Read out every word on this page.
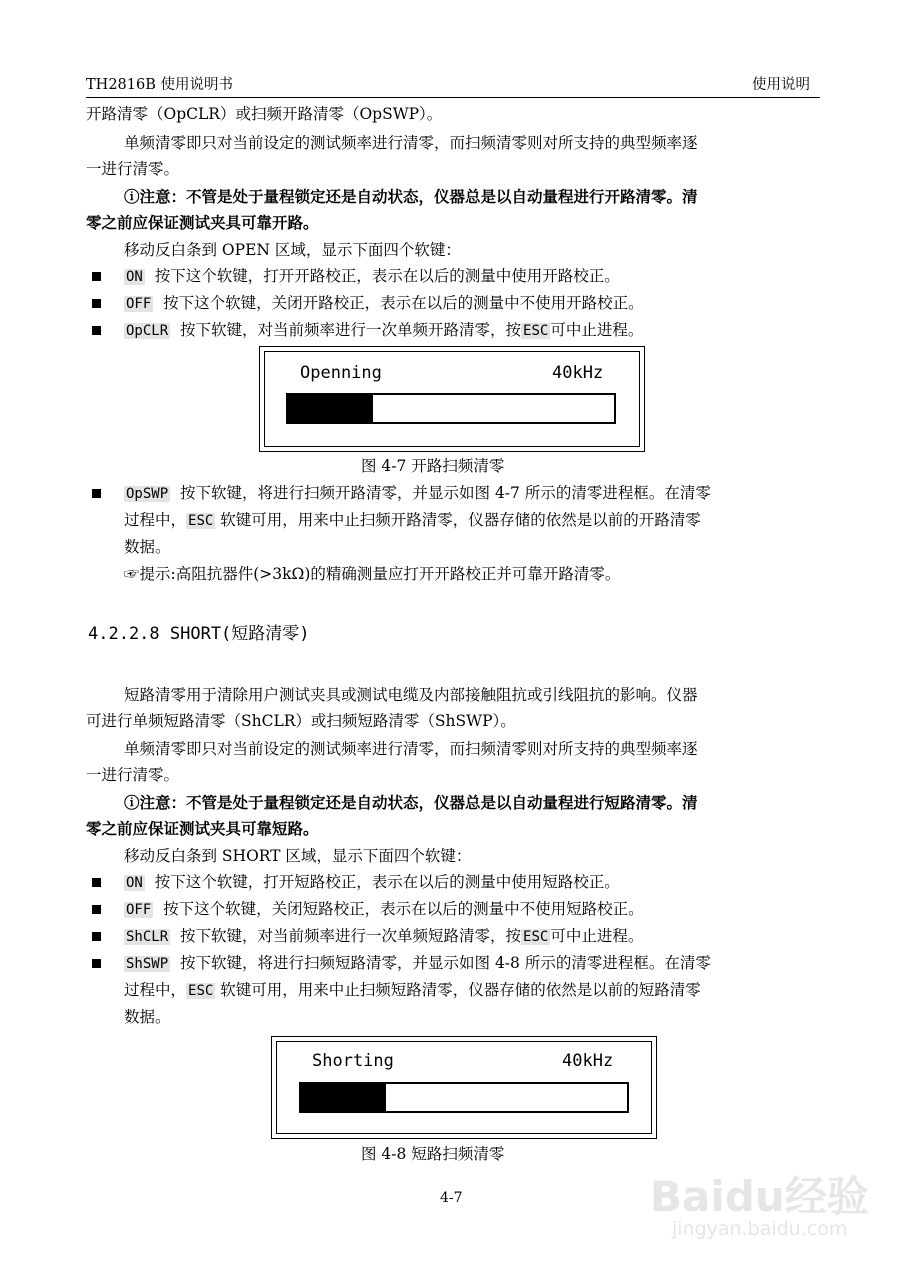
TH2816B 使用说明书	使用说明
开路清零（OpCLR）或扫频开路清零（OpSWP）。
单频清零即只对当前设定的测试频率进行清零，而扫频清零则对所支持的典型频率逐
一进行清零。
ⓘ注意：不管是处于量程锁定还是自动状态，仪器总是以自动量程进行开路清零。清
零之前应保证测试夹具可靠开路。
移动反白条到 OPEN 区域，显示下面四个软键：
ON 按下这个软键，打开开路校正，表示在以后的测量中使用开路校正。
OFF 按下这个软键，关闭开路校正，表示在以后的测量中不使用开路校正。
OpCLR 按下软键，对当前频率进行一次单频开路清零，按 ESC 可中止进程。
Openning	40kHz
图 4-7 开路扫频清零
OpSWP 按下软键，将进行扫频开路清零，并显示如图 4-7 所示的清零进程框。在清零
过程中， ESC 软键可用，用来中止扫频开路清零，仪器存储的依然是以前的开路清零
数据。
☞提示:高阻抗器件(>3kΩ)的精确测量应打开开路校正并可靠开路清零。
4.2.2.8 SHORT(短路清零)
短路清零用于清除用户测试夹具或测试电缆及内部接触阻抗或引线阻抗的影响。仪器
可进行单频短路清零（ShCLR）或扫频短路清零（ShSWP）。
单频清零即只对当前设定的测试频率进行清零，而扫频清零则对所支持的典型频率逐
一进行清零。
ⓘ注意：不管是处于量程锁定还是自动状态，仪器总是以自动量程进行短路清零。清
零之前应保证测试夹具可靠短路。
移动反白条到 SHORT 区域，显示下面四个软键：
ON 按下这个软键，打开短路校正，表示在以后的测量中使用短路校正。
OFF 按下这个软键，关闭短路校正，表示在以后的测量中不使用短路校正。
ShCLR 按下软键，对当前频率进行一次单频短路清零，按 ESC 可中止进程。
ShSWP 按下软键，将进行扫频短路清零，并显示如图 4-8 所示的清零进程框。在清零
过程中， ESC 软键可用，用来中止扫频短路清零，仪器存储的依然是以前的短路清零
数据。
Shorting	40kHz
图 4-8 短路扫频清零
4-7	Baidu经验
jingyan.baidu.com
